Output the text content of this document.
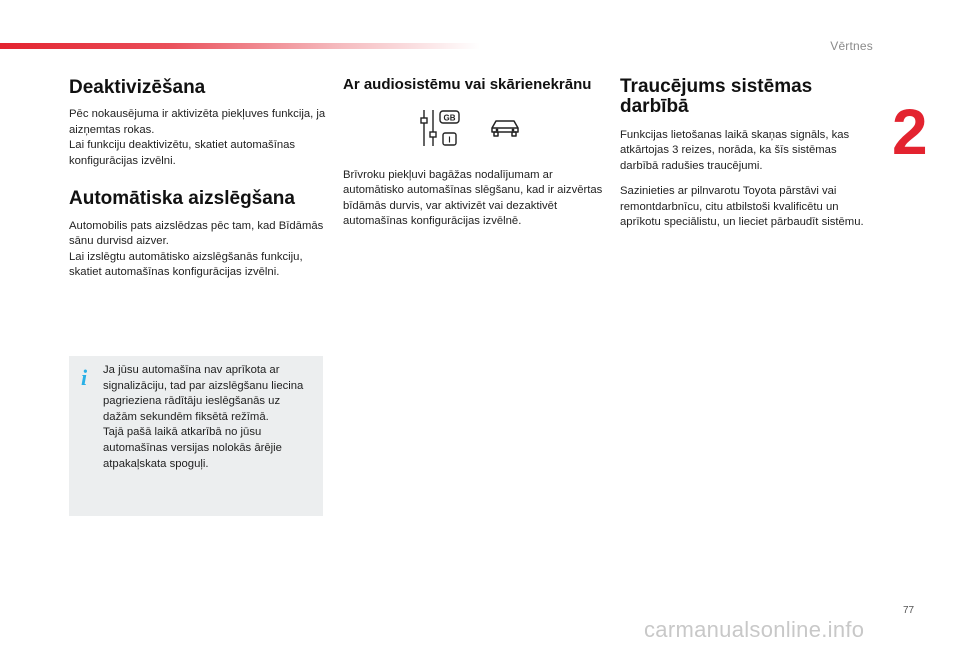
Vērtnes
2
Deaktivizēšana

Pēc nokausējuma ir aktivizēta piekļuves funkcija, ja aizņemtas rokas.
Lai funkciju deaktivizētu, skatiet automašīnas konfigurācijas izvēlni.

Automātiska aizslēgšana

Automobilis pats aizslēdzas pēc tam, kad Bīdāmās sānu durvisd aizver.
Lai izslēgtu automātisko aizslēgšanās funkciju, skatiet automašīnas konfigurācijas izvēlni.

i Ja jūsu automašīna nav aprīkota ar signalizāciju, tad par aizslēgšanu liecina pagrieziena rādītāju ieslēgšanās uz dažām sekundēm fiksētā režīmā.
Tajā pašā laikā atkarībā no jūsu automašīnas versijas nolokās ārējie atpakaļskata spoguļi.

Ar audiosistēmu vai skārienekrānu
GB
I

Brīvroku piekļuvi bagāžas nodalījumam ar automātisko automašīnas slēgšanu, kad ir aizvērtas bīdāmās durvis, var aktivizēt vai dezaktivēt automašīnas konfigurācijas izvēlnē.

Traucējums sistēmas darbībā

Funkcijas lietošanas laikā skaņas signāls, kas atkārtojas 3 reizes, norāda, ka šīs sistēmas darbībā radušies traucējumi.

Sazinieties ar pilnvarotu Toyota pārstāvi vai remontdarbnīcu, citu atbilstoši kvalificētu un aprīkotu speciālistu, un lieciet pārbaudīt sistēmu.

77
carmanualsonline.info
